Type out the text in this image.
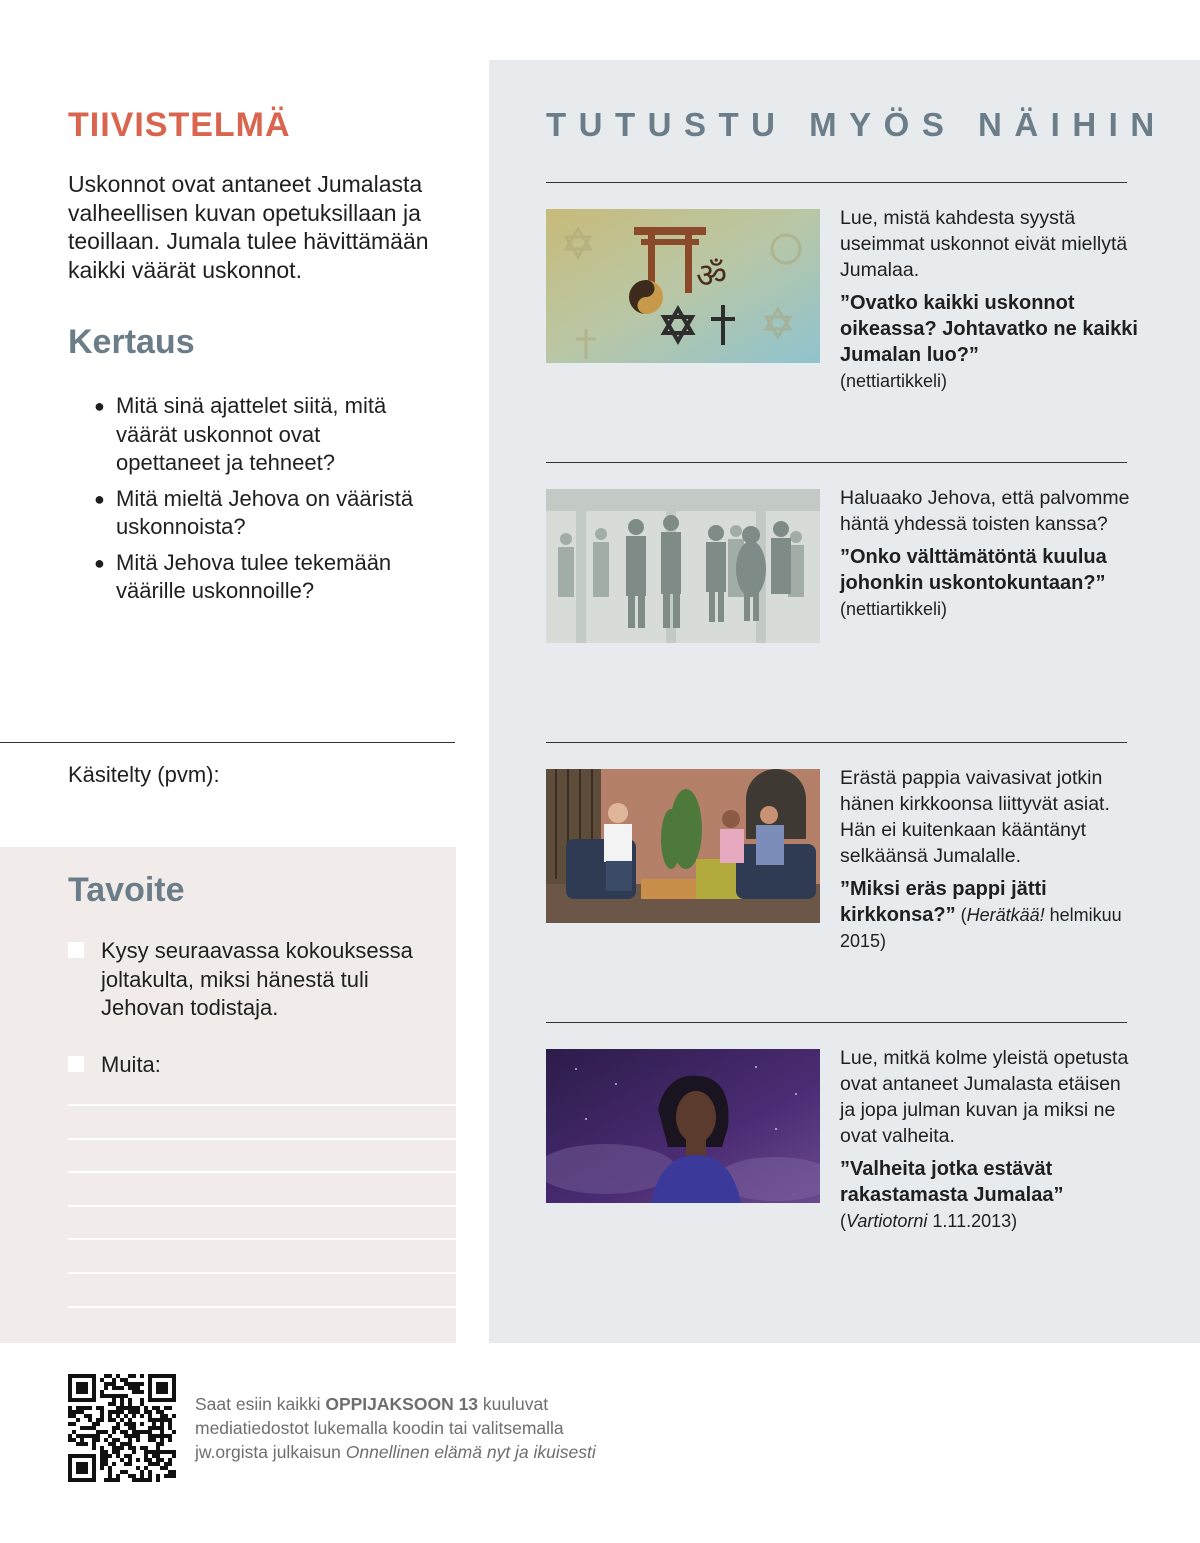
TIIVISTELMÄ

Uskonnot ovat antaneet Jumalasta valheellisen kuvan opetuksillaan ja teoillaan. Jumala tulee hävittämään kaikki väärät uskonnot.

Kertaus
● Mitä sinä ajattelet siitä, mitä väärät uskonnot ovat opettaneet ja tehneet?
● Mitä mieltä Jehova on vääristä uskonnoista?
● Mitä Jehova tulee tekemään väärille uskonnoille?

Käsitelty (pvm):

Tavoite
Kysy seuraavassa kokouksessa joltakulta, miksi hänestä tuli Jehovan todistaja.
Muita:
TUTUSTU MYÖS NÄIHIN
ॐ

Lue, mistä kahdesta syystä useimmat uskonnot eivät miellytä Jumalaa.

”Ovatko kaikki uskonnot oikeassa? Johtavatko ne kaikki Jumalan luo?”
(nettiartikkeli)

Haluaako Jehova, että palvomme häntä yhdessä toisten kanssa?

”Onko välttämätöntä kuulua johonkin uskontokuntaan?”
(nettiartikkeli)

Erästä pappia vaivasivat jotkin hänen kirkkoonsa liittyvät asiat. Hän ei kuitenkaan kääntänyt selkäänsä Jumalalle.

”Miksi eräs pappi jätti kirkkonsa?” (Herätkää! helmikuu 2015)

Lue, mitkä kolme yleistä opetusta ovat antaneet Jumalasta etäisen ja jopa julman kuvan ja miksi ne ovat valheita.

”Valheita jotka estävät rakastamasta Jumalaa”
(Vartiotorni 1.11.2013)

Saat esiin kaikki OPPIJAKSOON 13 kuuluvat mediatiedostot lukemalla koodin tai valitsemalla jw.orgista julkaisun Onnellinen elämä nyt ja ikuisesti
